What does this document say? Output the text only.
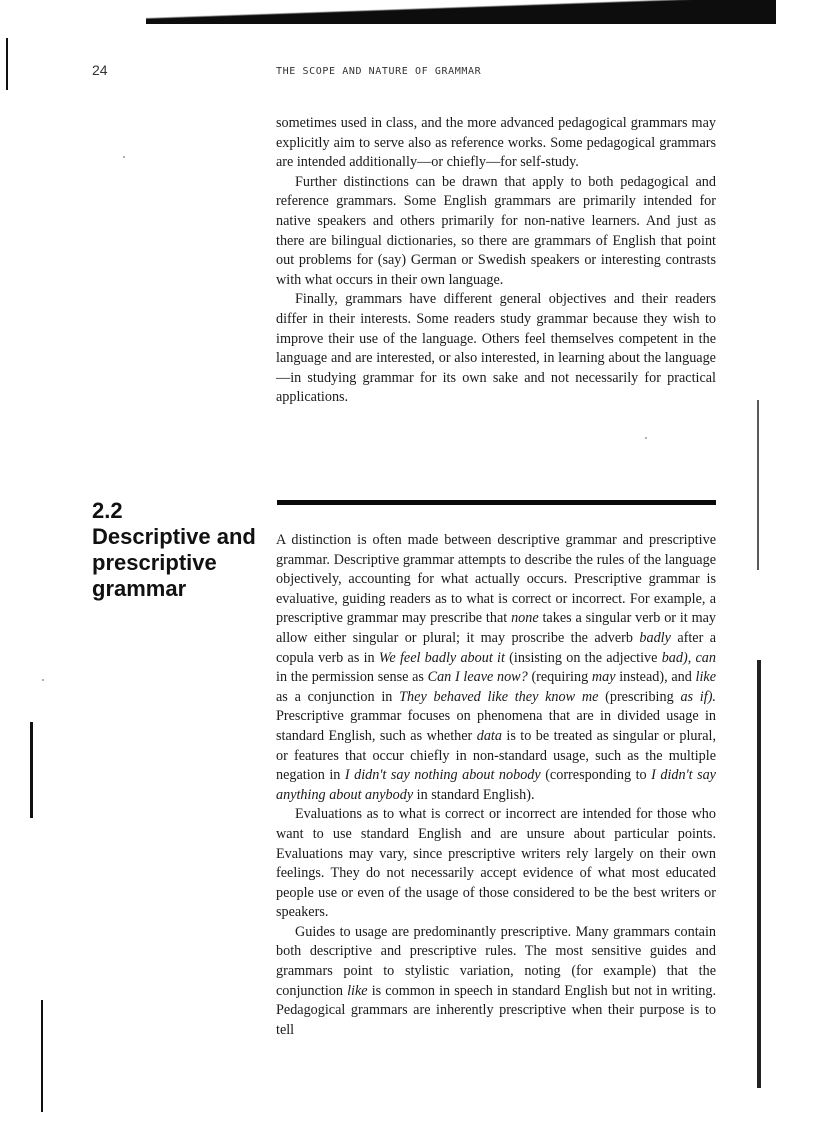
24	THE SCOPE AND NATURE OF GRAMMAR

sometimes used in class, and the more advanced pedagogical grammars may explicitly aim to serve also as reference works. Some pedagogical grammars are intended additionally—or chiefly—for self-study.

Further distinctions can be drawn that apply to both pedagogical and reference grammars. Some English grammars are primarily intended for native speakers and others primarily for non-native learners. And just as there are bilingual dictionaries, so there are grammars of English that point out problems for (say) German or Swedish speakers or interesting contrasts with what occurs in their own language.

Finally, grammars have different general objectives and their readers differ in their interests. Some readers study grammar because they wish to improve their use of the language. Others feel themselves competent in the language and are interested, or also interested, in learning about the language—in studying grammar for its own sake and not necessarily for practical applications.

2.2
Descriptive and prescriptive grammar

A distinction is often made between descriptive grammar and prescriptive grammar. Descriptive grammar attempts to describe the rules of the language objectively, accounting for what actually occurs. Prescriptive grammar is evaluative, guiding readers as to what is correct or incorrect. For example, a prescriptive grammar may prescribe that none takes a singular verb or it may allow either singular or plural; it may proscribe the adverb badly after a copula verb as in We feel badly about it (insisting on the adjective bad), can in the permission sense as Can I leave now? (requiring may instead), and like as a conjunction in They behaved like they know me (prescribing as if). Prescriptive grammar focuses on phenomena that are in divided usage in standard English, such as whether data is to be treated as singular or plural, or features that occur chiefly in non-standard usage, such as the multiple negation in I didn't say nothing about nobody (corresponding to I didn't say anything about anybody in standard English).

Evaluations as to what is correct or incorrect are intended for those who want to use standard English and are unsure about particular points. Evaluations may vary, since prescriptive writers rely largely on their own feelings. They do not necessarily accept evidence of what most educated people use or even of the usage of those considered to be the best writers or speakers.

Guides to usage are predominantly prescriptive. Many grammars contain both descriptive and prescriptive rules. The most sensitive guides and grammars point to stylistic variation, noting (for example) that the conjunction like is common in speech in standard English but not in writing. Pedagogical grammars are inherently prescriptive when their purpose is to tell
